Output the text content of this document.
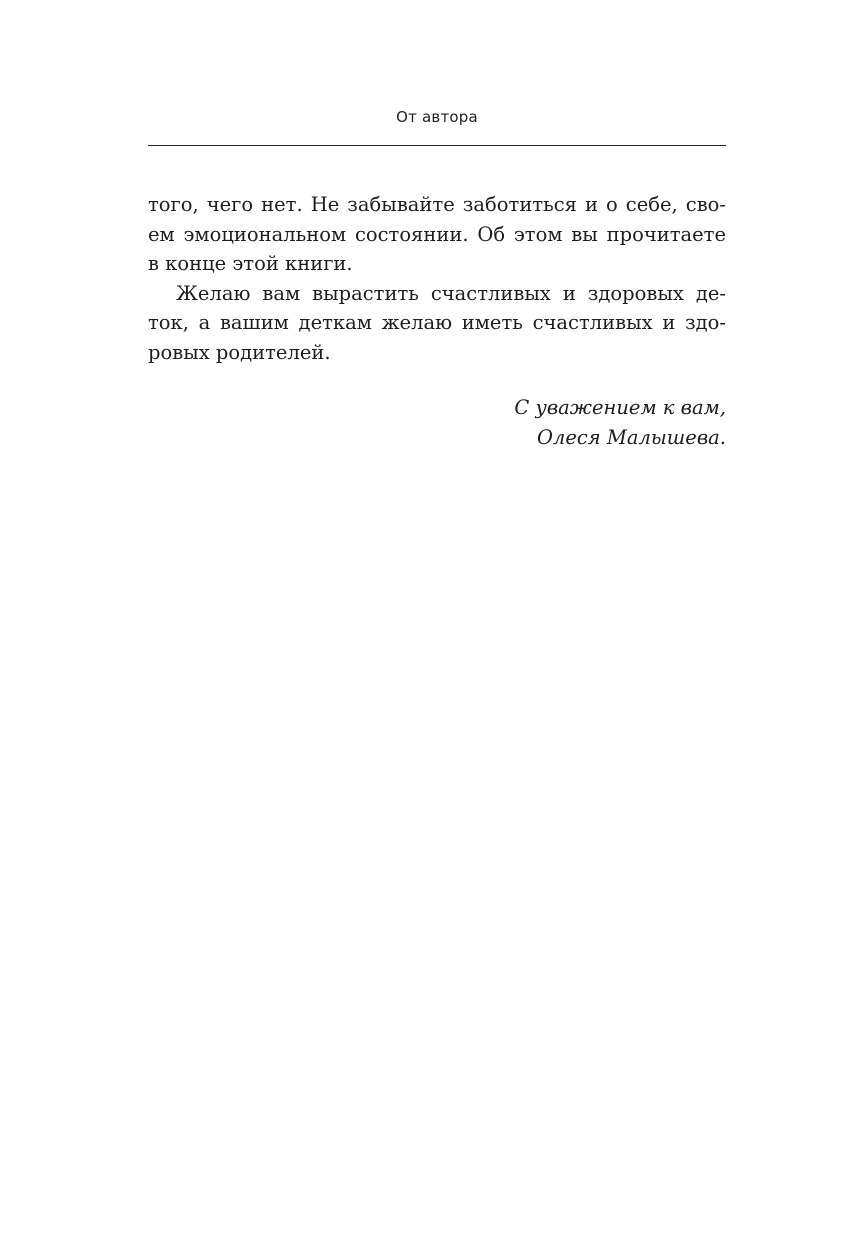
От автора
того, чего нет. Не забывайте заботиться и о себе, сво-
ем эмоциональном состоянии. Об этом вы прочитаете
в конце этой книги.
Желаю вам вырастить счастливых и здоровых де-
ток, а вашим деткам желаю иметь счастливых и здо-
ровых родителей.
С уважением к вам,
Олеся Малышева.
